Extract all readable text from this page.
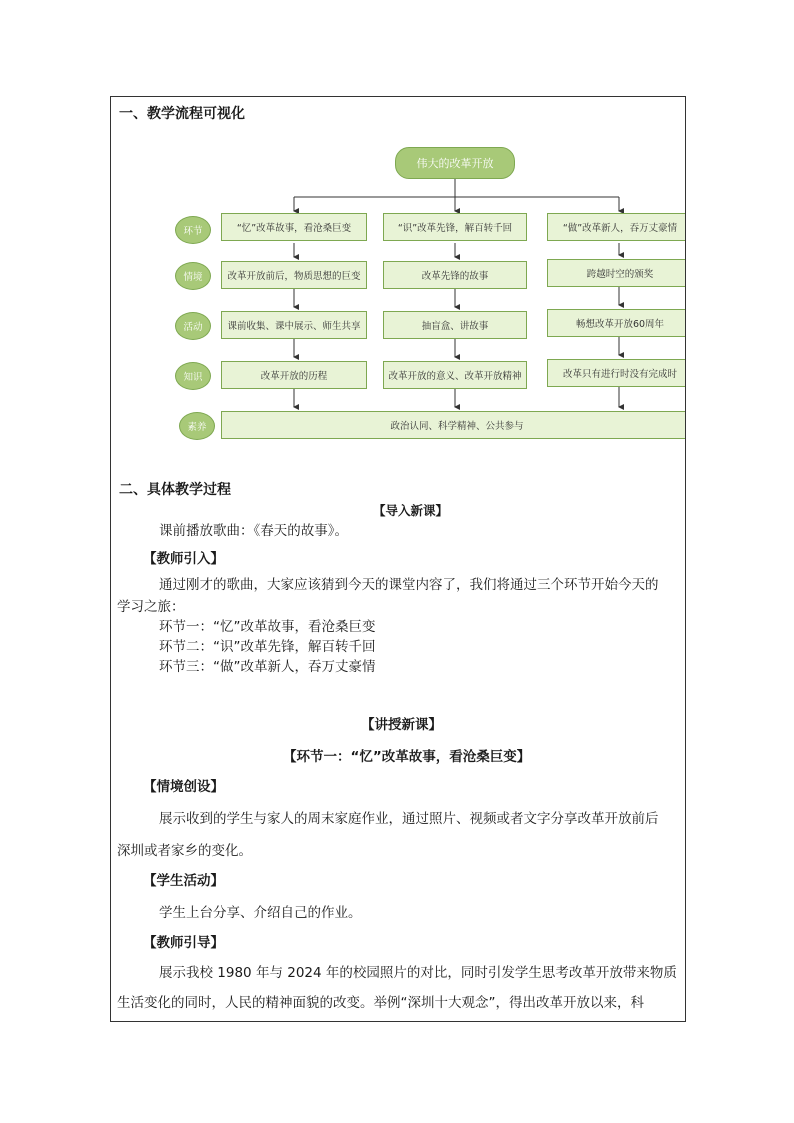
一、教学流程可视化
伟大的改革开放
环节
情境
活动
知识
素养
“忆”改革故事，看沧桑巨变
改革开放前后，物质思想的巨变
课前收集、课中展示、师生共享
改革开放的历程
“识”改革先锋，解百转千回
改革先锋的故事
抽盲盒、讲故事
改革开放的意义、改革开放精神
“做”改革新人，吞万丈豪情
跨越时空的颁奖
畅想改革开放60周年
改革只有进行时没有完成时
政治认同、科学精神、公共参与
二、具体教学过程
【导入新课】
课前播放歌曲：《春天的故事》。
【教师引入】
通过刚才的歌曲，大家应该猜到今天的课堂内容了，我们将通过三个环节开始今天的
学习之旅：
环节一：“忆”改革故事，看沧桑巨变
环节二：“识”改革先锋，解百转千回
环节三：“做”改革新人，吞万丈豪情
【讲授新课】
【环节一：“忆”改革故事，看沧桑巨变】
【情境创设】
展示收到的学生与家人的周末家庭作业，通过照片、视频或者文字分享改革开放前后
深圳或者家乡的变化。
【学生活动】
学生上台分享、介绍自己的作业。
【教师引导】
展示我校 1980 年与 2024 年的校园照片的对比，同时引发学生思考改革开放带来物质
生活变化的同时，人民的精神面貌的改变。举例“深圳十大观念”，得出改革开放以来，科
